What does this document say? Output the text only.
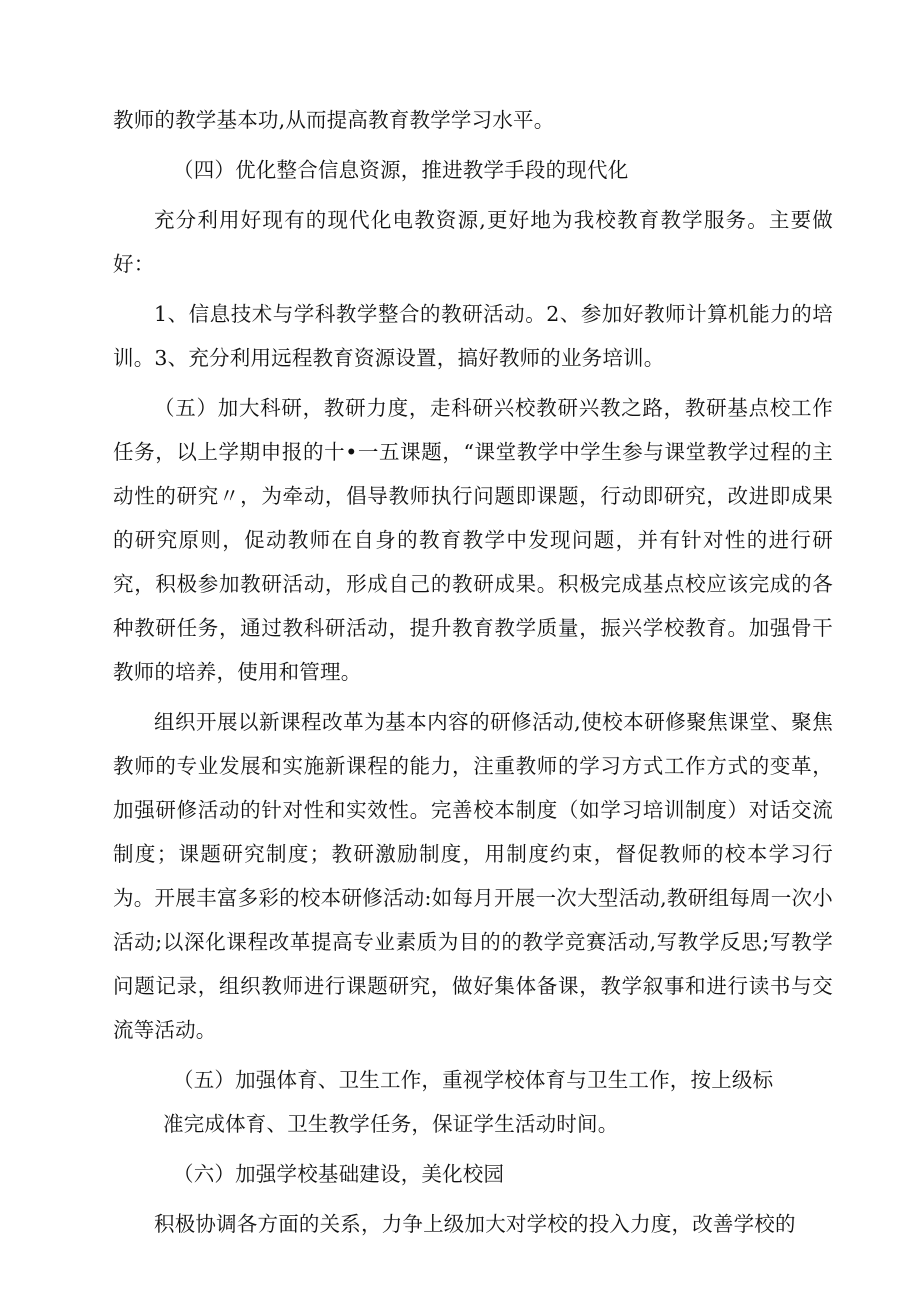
教师的教学基本功,从而提高教育教学学习水平。

（四）优化整合信息资源，推进教学手段的现代化

充分利用好现有的现代化电教资源,更好地为我校教育教学服务。主要做好：

1、信息技术与学科教学整合的教研活动。2、参加好教师计算机能力的培训。3、充分利用远程教育资源设置，搞好教师的业务培训。

（五）加大科研，教研力度，走科研兴校教研兴教之路，教研基点校工作任务，以上学期申报的十•一五课题，“课堂教学中学生参与课堂教学过程的主动性的研究〃，为牵动，倡导教师执行问题即课题，行动即研究，改进即成果的研究原则，促动教师在自身的教育教学中发现问题，并有针对性的进行研究，积极参加教研活动，形成自己的教研成果。积极完成基点校应该完成的各种教研任务，通过教科研活动，提升教育教学质量，振兴学校教育。加强骨干教师的培养，使用和管理。

组织开展以新课程改革为基本内容的研修活动,使校本研修聚焦课堂、聚焦教师的专业发展和实施新课程的能力，注重教师的学习方式工作方式的变革，加强研修活动的针对性和实效性。完善校本制度（如学习培训制度）对话交流制度；课题研究制度；教研激励制度，用制度约束，督促教师的校本学习行为。开展丰富多彩的校本研修活动:如每月开展一次大型活动,教研组每周一次小活动;以深化课程改革提高专业素质为目的的教学竞赛活动,写教学反思;写教学问题记录，组织教师进行课题研究，做好集体备课，教学叙事和进行读书与交流等活动。

（五）加强体育、卫生工作，重视学校体育与卫生工作，按上级标
准完成体育、卫生教学任务，保证学生活动时间。

（六）加强学校基础建设，美化校园

积极协调各方面的关系，力争上级加大对学校的投入力度，改善学校的
